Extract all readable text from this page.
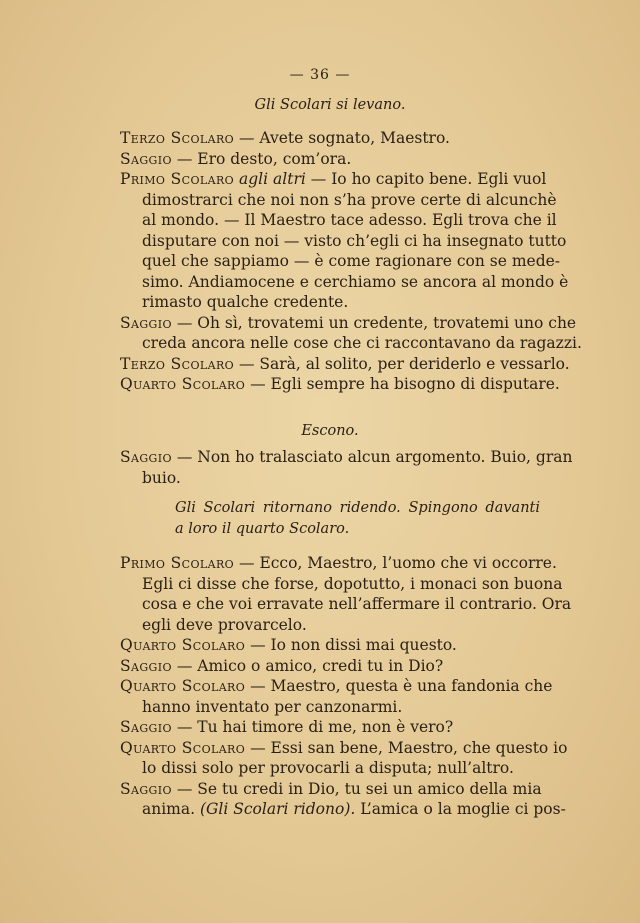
— 36 —
Gli Scolari si levano.

Terzo Scolaro — Avete sognato, Maestro.

Saggio — Ero desto, com’ora.

Primo Scolaro agli altri — Io ho capito bene. Egli vuol
dimostrarci che noi non s’ha prove certe di alcunchè
al mondo. — Il Maestro tace adesso. Egli trova che il
disputare con noi — visto ch’egli ci ha insegnato tutto
quel che sappiamo — è come ragionare con se mede-
simo. Andiamocene e cerchiamo se ancora al mondo è
rimasto qualche credente.

Saggio — Oh sì, trovatemi un credente, trovatemi uno che
creda ancora nelle cose che ci raccontavano da ragazzi.

Terzo Scolaro — Sarà, al solito, per deriderlo e vessarlo.

Quarto Scolaro — Egli sempre ha bisogno di disputare.

Escono.

Saggio — Non ho tralasciato alcun argomento. Buio, gran
buio.

Gli Scolari ritornano ridendo. Spingono davanti
a loro il quarto Scolaro.

Primo Scolaro — Ecco, Maestro, l’uomo che vi occorre.
Egli ci disse che forse, dopotutto, i monaci son buona
cosa e che voi erravate nell’affermare il contrario. Ora
egli deve provarcelo.

Quarto Scolaro — Io non dissi mai questo.

Saggio — Amico o amico, credi tu in Dio?

Quarto Scolaro — Maestro, questa è una fandonia che
hanno inventato per canzonarmi.

Saggio — Tu hai timore di me, non è vero?

Quarto Scolaro — Essi san bene, Maestro, che questo io
lo dissi solo per provocarli a disputa; null’altro.

Saggio — Se tu credi in Dio, tu sei un amico della mia
anima. (Gli Scolari ridono). L’amica o la moglie ci pos-
